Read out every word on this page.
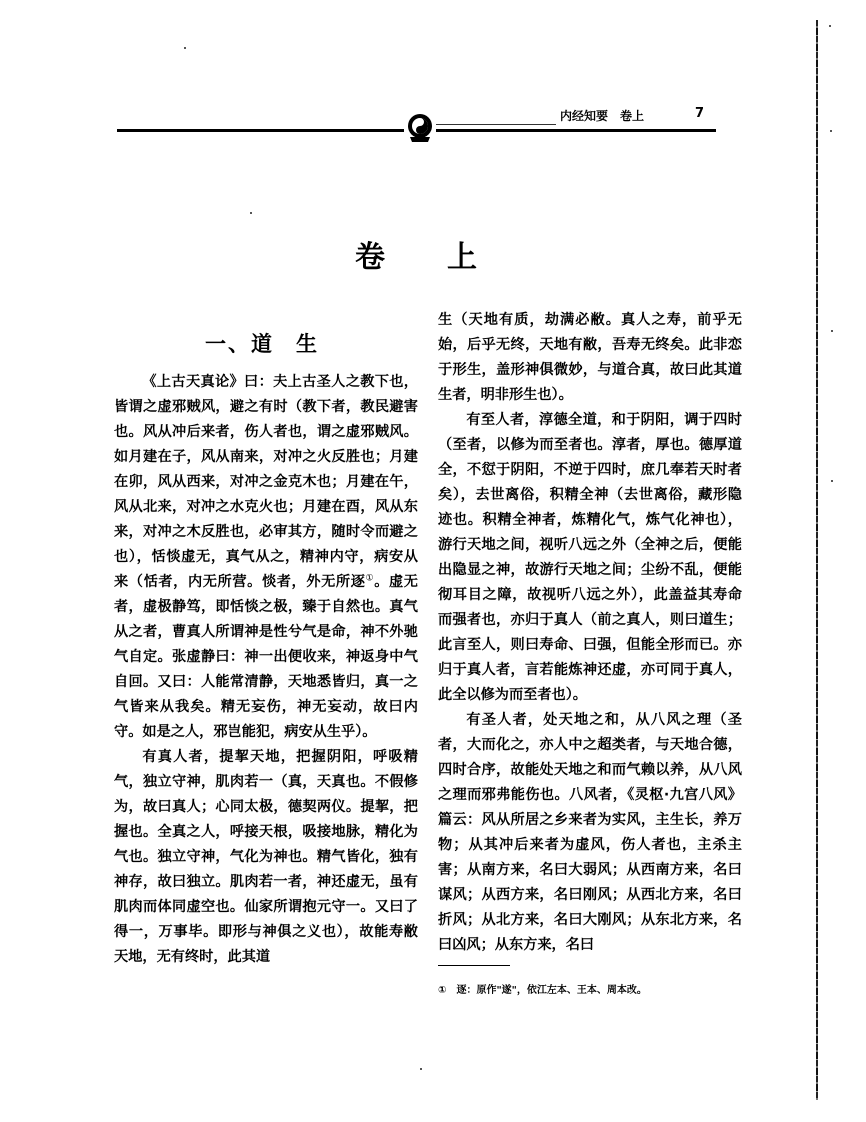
内经知要 卷上	7
卷 上
一、道 生

《上古天真论》曰：夫上古圣人之教下也，皆谓之虚邪贼风，避之有时（教下者，教民避害也。风从冲后来者，伤人者也，谓之虚邪贼风。如月建在子，风从南来，对冲之火反胜也；月建在卯，风从西来，对冲之金克木也；月建在午，风从北来，对冲之水克火也；月建在酉，风从东来，对冲之木反胜也，必审其方，随时令而避之也），恬惔虚无，真气从之，精神内守，病安从来（恬者，内无所营。惔者，外无所逐①。虚无者，虚极静笃，即恬惔之极，臻于自然也。真气从之者，曹真人所谓神是性兮气是命，神不外驰气自定。张虚静曰：神一出便收来，神返身中气自回。又曰：人能常清静，天地悉皆归，真一之气皆来从我矣。精无妄伤，神无妄动，故曰内守。如是之人，邪岂能犯，病安从生乎）。

有真人者，提挈天地，把握阴阳，呼吸精气，独立守神，肌肉若一（真，天真也。不假修为，故曰真人；心同太极，德契两仪。提挈，把握也。全真之人，呼接天根，吸接地脉，精化为气也。独立守神，气化为神也。精气皆化，独有神存，故曰独立。肌肉若一者，神还虚无，虽有肌肉而体同虚空也。仙家所谓抱元守一。又曰了得一，万事毕。即形与神俱之义也），故能寿敝天地，无有终时，此其道

生（天地有质，劫满必敝。真人之寿，前乎无始，后乎无终，天地有敝，吾寿无终矣。此非恋于形生，盖形神俱微妙，与道合真，故曰此其道生者，明非形生也）。

有至人者，淳德全道，和于阴阳，调于四时（至者，以修为而至者也。淳者，厚也。德厚道全，不愆于阴阳，不逆于四时，庶几奉若天时者矣），去世离俗，积精全神（去世离俗，藏形隐迹也。积精全神者，炼精化气，炼气化神也），游行天地之间，视听八远之外（全神之后，便能出隐显之神，故游行天地之间；尘纷不乱，便能彻耳目之障，故视听八远之外），此盖益其寿命而强者也，亦归于真人（前之真人，则曰道生；此言至人，则曰寿命、曰强，但能全形而已。亦归于真人者，言若能炼神还虚，亦可同于真人，此全以修为而至者也）。

有圣人者，处天地之和，从八风之理（圣者，大而化之，亦人中之超类者，与天地合德，四时合序，故能处天地之和而气赖以养，从八风之理而邪弗能伤也。八风者，《灵枢·九宫八风》篇云：风从所居之乡来者为实风，主生长，养万物；从其冲后来者为虚风，伤人者也，主杀主害；从南方来，名曰大弱风；从西南方来，名曰谋风；从西方来，名曰刚风；从西北方来，名曰折风；从北方来，名曰大刚风；从东北方来，名曰凶风；从东方来，名曰

① 逐：原作"遂"，依江左本、王本、周本改。
